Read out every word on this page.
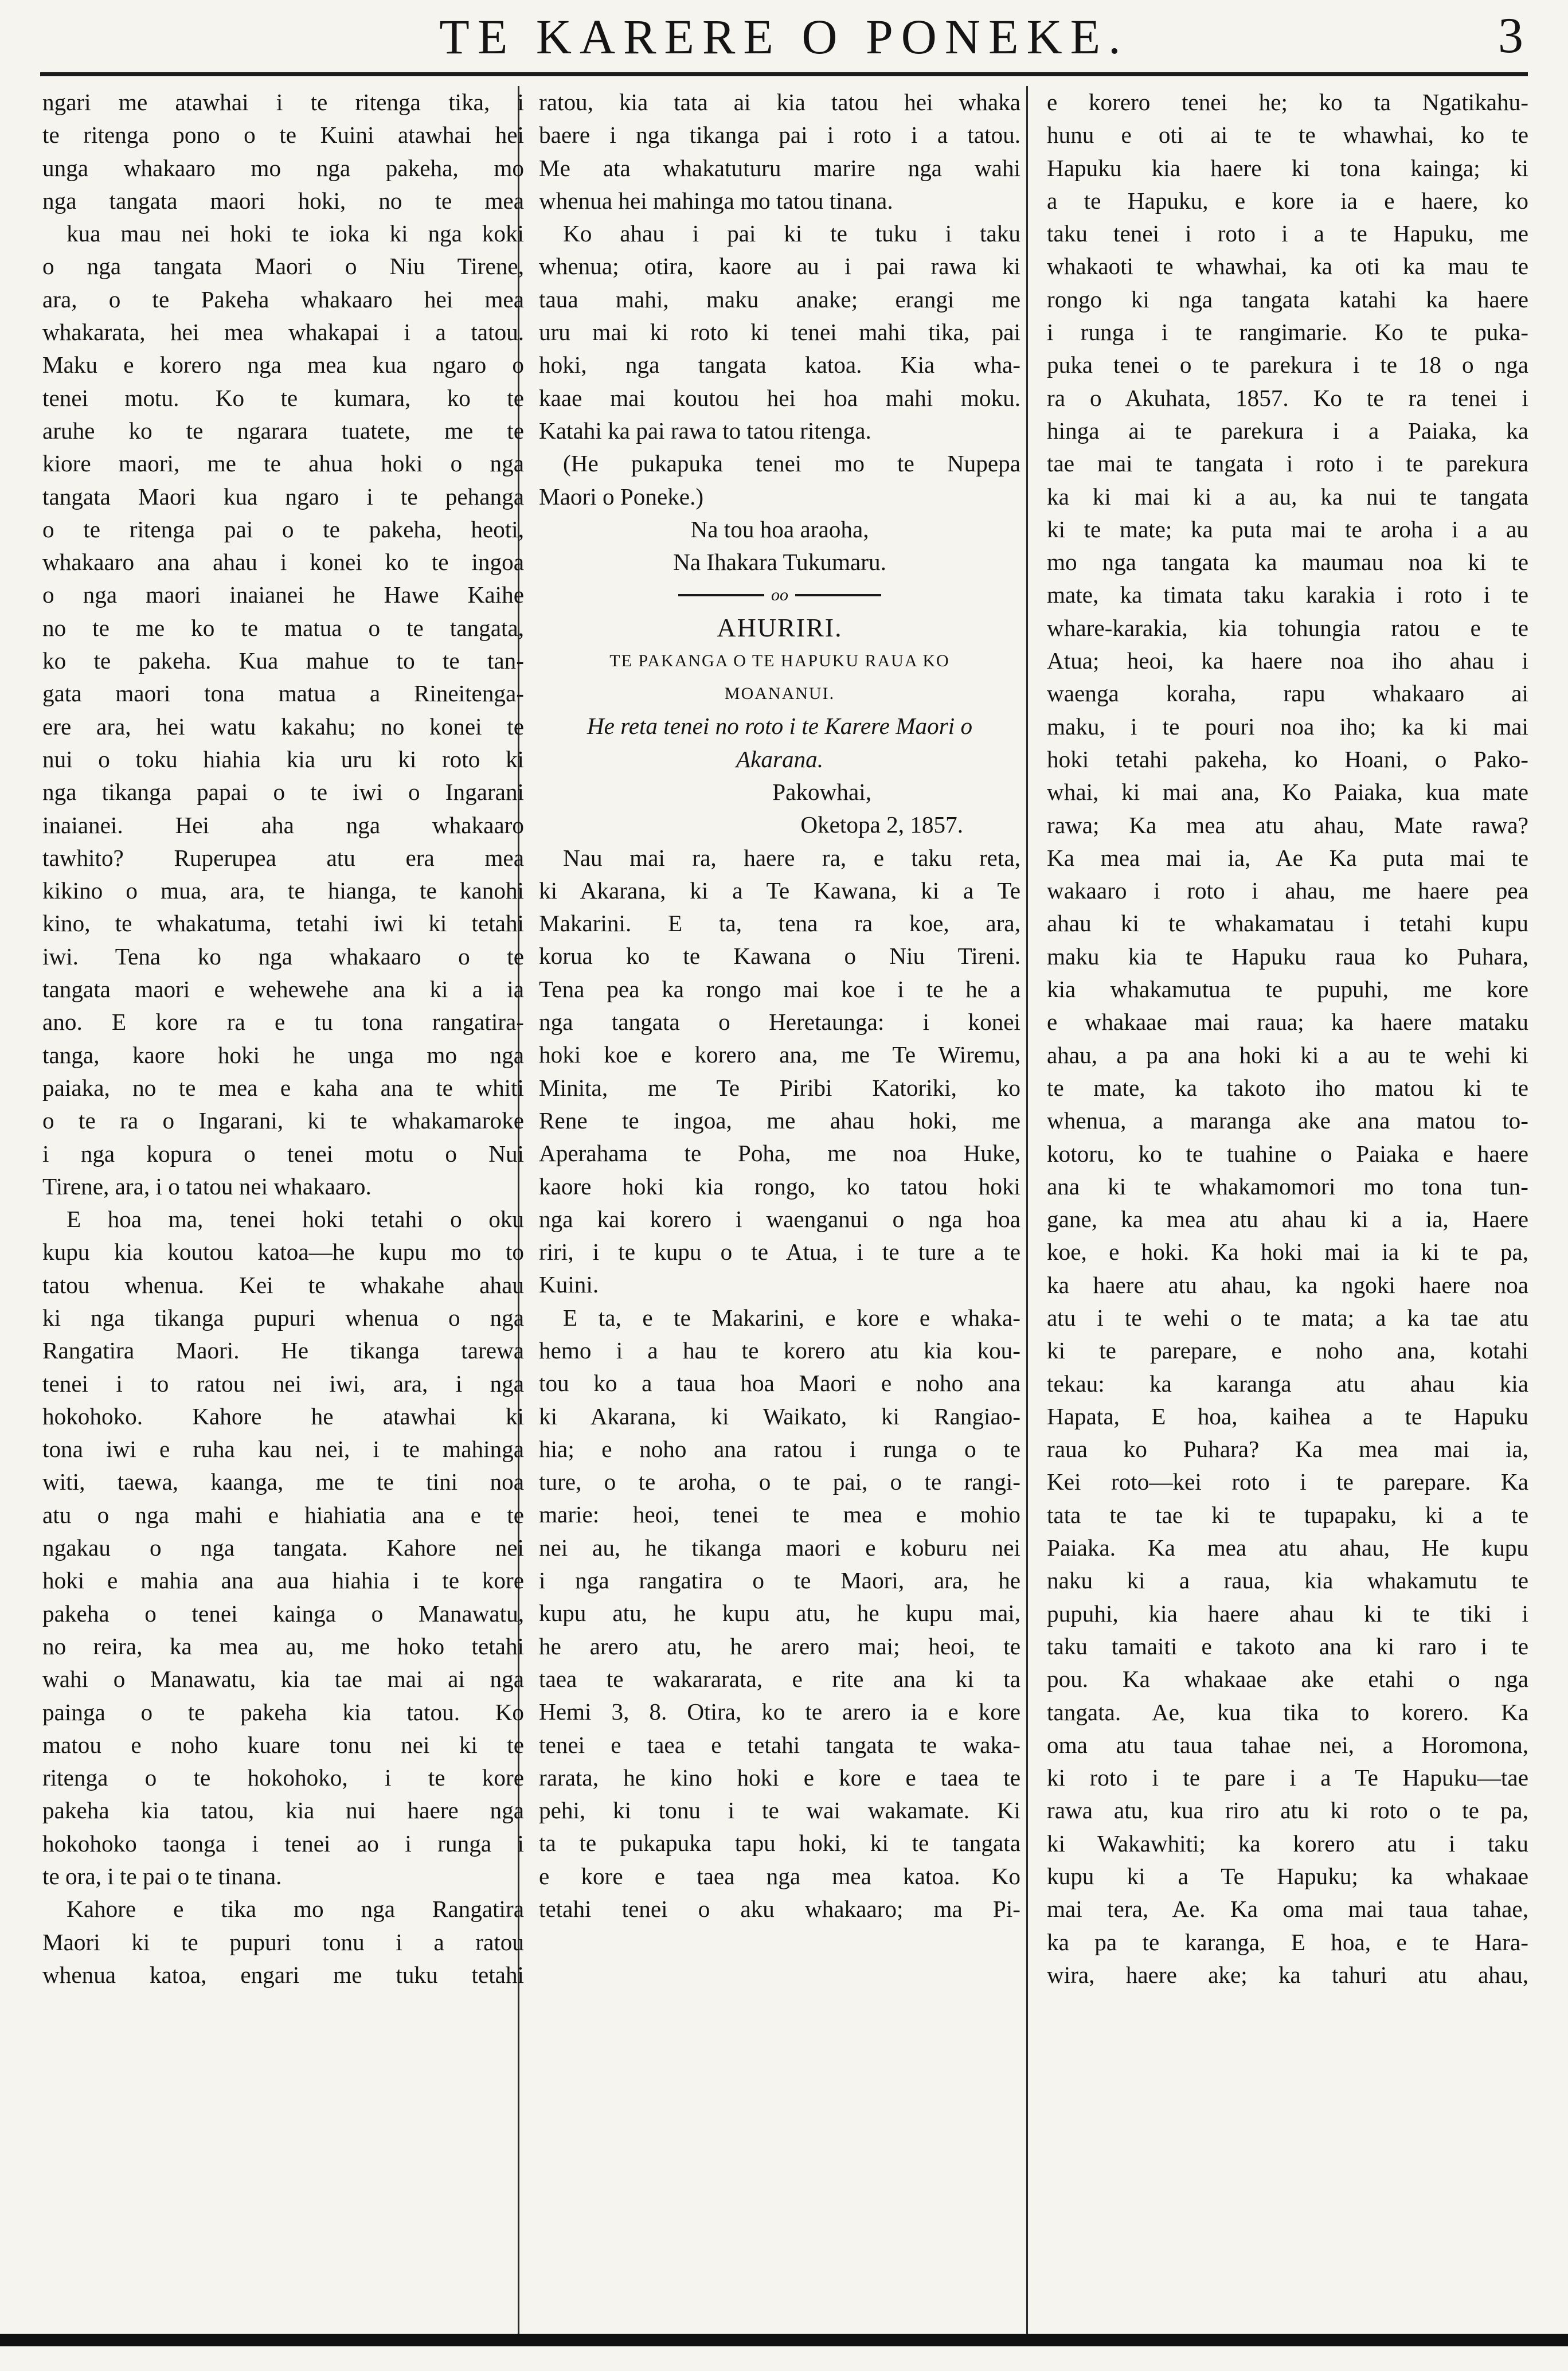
TE KARERE O PONEKE.	3
ngari me atawhai i te ritenga tika, i
te ritenga pono o te Kuini atawhai hei
unga whakaaro mo nga pakeha, mo
nga tangata maori hoki, no te mea
kua mau nei hoki te ioka ki nga koki
o nga tangata Maori o Niu Tirene,
ara, o te Pakeha whakaaro hei mea
whakarata, hei mea whakapai i a tatou.
Maku e korero nga mea kua ngaro o
tenei motu. Ko te kumara, ko te
aruhe ko te ngarara tuatete, me te
kiore maori, me te ahua hoki o nga
tangata Maori kua ngaro i te pehanga
o te ritenga pai o te pakeha, heoti,
whakaaro ana ahau i konei ko te ingoa
o nga maori inaianei he Hawe Kaihe
no te me ko te matua o te tangata,
ko te pakeha. Kua mahue to te tan-
gata maori tona matua a Rineitenga-
ere ara, hei watu kakahu; no konei te
nui o toku hiahia kia uru ki roto ki
nga tikanga papai o te iwi o Ingarani
inaianei. Hei aha nga whakaaro
tawhito? Ruperupea atu era mea
kikino o mua, ara, te hianga, te kanohi
kino, te whakatuma, tetahi iwi ki tetahi
iwi. Tena ko nga whakaaro o te
tangata maori e wehewehe ana ki a ia
ano. E kore ra e tu tona rangatira-
tanga, kaore hoki he unga mo nga
paiaka, no te mea e kaha ana te whiti
o te ra o Ingarani, ki te whakamaroke
i nga kopura o tenei motu o Nui
Tirene, ara, i o tatou nei whakaaro.
E hoa ma, tenei hoki tetahi o oku
kupu kia koutou katoa—he kupu mo to
tatou whenua. Kei te whakahe ahau
ki nga tikanga pupuri whenua o nga
Rangatira Maori. He tikanga tarewa
tenei i to ratou nei iwi, ara, i nga
hokohoko. Kahore he atawhai ki
tona iwi e ruha kau nei, i te mahinga
witi, taewa, kaanga, me te tini noa
atu o nga mahi e hiahiatia ana e te
ngakau o nga tangata. Kahore nei
hoki e mahia ana aua hiahia i te kore
pakeha o tenei kainga o Manawatu,
no reira, ka mea au, me hoko tetahi
wahi o Manawatu, kia tae mai ai nga
painga o te pakeha kia tatou. Ko
matou e noho kuare tonu nei ki te
ritenga o te hokohoko, i te kore
pakeha kia tatou, kia nui haere nga
hokohoko taonga i tenei ao i runga i
te ora, i te pai o te tinana.
Kahore e tika mo nga Rangatira
Maori ki te pupuri tonu i a ratou
whenua katoa, engari me tuku tetahi
ratou, kia tata ai kia tatou hei whaka
baere i nga tikanga pai i roto i a tatou.
Me ata whakatuturu marire nga wahi
whenua hei mahinga mo tatou tinana.
Ko ahau i pai ki te tuku i taku
whenua; otira, kaore au i pai rawa ki
taua mahi, maku anake; erangi me
uru mai ki roto ki tenei mahi tika, pai
hoki, nga tangata katoa. Kia wha-
kaae mai koutou hei hoa mahi moku.
Katahi ka pai rawa to tatou ritenga.
(He pukapuka tenei mo te Nupepa
Maori o Poneke.)
Na tou hoa araoha,
Na Ihakara Tukumaru.
oo
AHURIRI.
TE PAKANGA O TE HAPUKU RAUA KO
MOANANUI.
He reta tenei no roto i te Karere Maori o
Akarana.
Pakowhai,
Oketopa 2, 1857.
Nau mai ra, haere ra, e taku reta,
ki Akarana, ki a Te Kawana, ki a Te
Makarini. E ta, tena ra koe, ara,
korua ko te Kawana o Niu Tireni.
Tena pea ka rongo mai koe i te he a
nga tangata o Heretaunga: i konei
hoki koe e korero ana, me Te Wiremu,
Minita, me Te Piribi Katoriki, ko
Rene te ingoa, me ahau hoki, me
Aperahama te Poha, me noa Huke,
kaore hoki kia rongo, ko tatou hoki
nga kai korero i waenganui o nga hoa
riri, i te kupu o te Atua, i te ture a te
Kuini.
E ta, e te Makarini, e kore e whaka-
hemo i a hau te korero atu kia kou-
tou ko a taua hoa Maori e noho ana
ki Akarana, ki Waikato, ki Rangiao-
hia; e noho ana ratou i runga o te
ture, o te aroha, o te pai, o te rangi-
marie: heoi, tenei te mea e mohio
nei au, he tikanga maori e koburu nei
i nga rangatira o te Maori, ara, he
kupu atu, he kupu atu, he kupu mai,
he arero atu, he arero mai; heoi, te
taea te wakararata, e rite ana ki ta
Hemi 3, 8. Otira, ko te arero ia e kore
tenei e taea e tetahi tangata te waka-
rarata, he kino hoki e kore e taea te
pehi, ki tonu i te wai wakamate. Ki
ta te pukapuka tapu hoki, ki te tangata
e kore e taea nga mea katoa. Ko
tetahi tenei o aku whakaaro; ma Pi-
e korero tenei he; ko ta Ngatikahu-
hunu e oti ai te te whawhai, ko te
Hapuku kia haere ki tona kainga; ki
a te Hapuku, e kore ia e haere, ko
taku tenei i roto i a te Hapuku, me
whakaoti te whawhai, ka oti ka mau te
rongo ki nga tangata katahi ka haere
i runga i te rangimarie. Ko te puka-
puka tenei o te parekura i te 18 o nga
ra o Akuhata, 1857. Ko te ra tenei i
hinga ai te parekura i a Paiaka, ka
tae mai te tangata i roto i te parekura
ka ki mai ki a au, ka nui te tangata
ki te mate; ka puta mai te aroha i a au
mo nga tangata ka maumau noa ki te
mate, ka timata taku karakia i roto i te
whare-karakia, kia tohungia ratou e te
Atua; heoi, ka haere noa iho ahau i
waenga koraha, rapu whakaaro ai
maku, i te pouri noa iho; ka ki mai
hoki tetahi pakeha, ko Hoani, o Pako-
whai, ki mai ana, Ko Paiaka, kua mate
rawa; Ka mea atu ahau, Mate rawa?
Ka mea mai ia, Ae Ka puta mai te
wakaaro i roto i ahau, me haere pea
ahau ki te whakamatau i tetahi kupu
maku kia te Hapuku raua ko Puhara,
kia whakamutua te pupuhi, me kore
e whakaae mai raua; ka haere mataku
ahau, a pa ana hoki ki a au te wehi ki
te mate, ka takoto iho matou ki te
whenua, a maranga ake ana matou to-
kotoru, ko te tuahine o Paiaka e haere
ana ki te whakamomori mo tona tun-
gane, ka mea atu ahau ki a ia, Haere
koe, e hoki. Ka hoki mai ia ki te pa,
ka haere atu ahau, ka ngoki haere noa
atu i te wehi o te mata; a ka tae atu
ki te parepare, e noho ana, kotahi
tekau: ka karanga atu ahau kia
Hapata, E hoa, kaihea a te Hapuku
raua ko Puhara? Ka mea mai ia,
Kei roto—kei roto i te parepare. Ka
tata te tae ki te tupapaku, ki a te
Paiaka. Ka mea atu ahau, He kupu
naku ki a raua, kia whakamutu te
pupuhi, kia haere ahau ki te tiki i
taku tamaiti e takoto ana ki raro i te
pou. Ka whakaae ake etahi o nga
tangata. Ae, kua tika to korero. Ka
oma atu taua tahae nei, a Horomona,
ki roto i te pare i a Te Hapuku—tae
rawa atu, kua riro atu ki roto o te pa,
ki Wakawhiti; ka korero atu i taku
kupu ki a Te Hapuku; ka whakaae
mai tera, Ae. Ka oma mai taua tahae,
ka pa te karanga, E hoa, e te Hara-
wira, haere ake; ka tahuri atu ahau,
